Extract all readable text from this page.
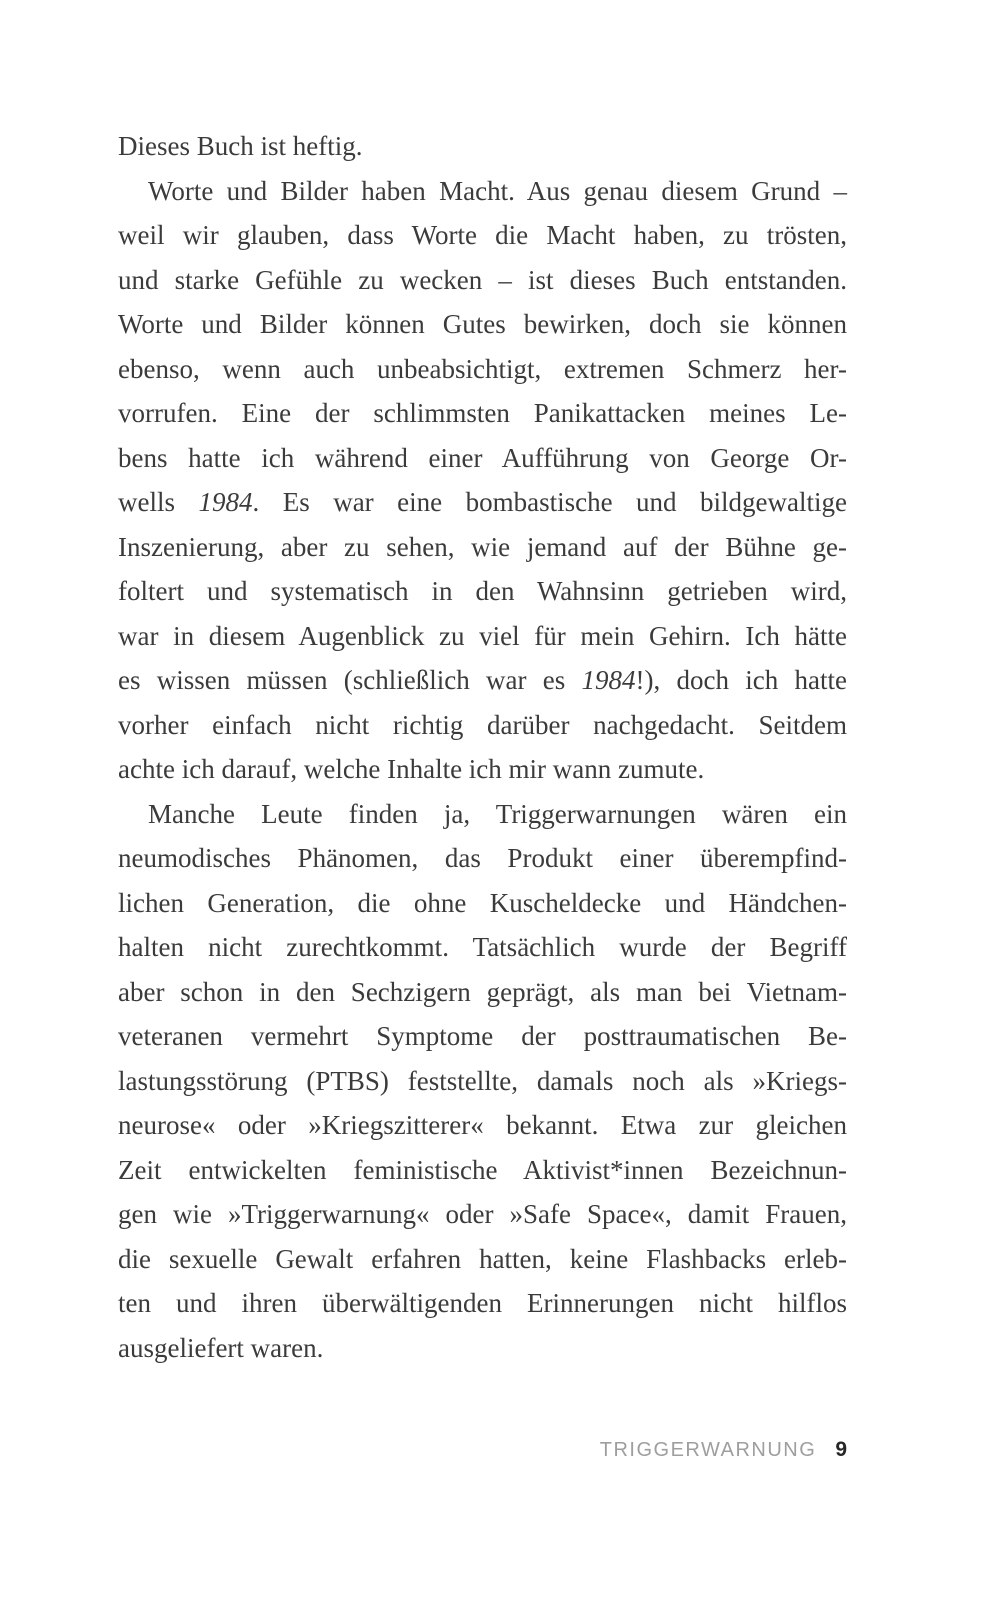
Dieses Buch ist heftig.
Worte und Bilder haben Macht. Aus genau diesem Grund –
weil wir glauben, dass Worte die Macht haben, zu trösten,
und starke Gefühle zu wecken – ist dieses Buch entstanden.
Worte und Bilder können Gutes bewirken, doch sie können
ebenso, wenn auch unbeabsichtigt, extremen Schmerz her-
vorrufen. Eine der schlimmsten Panikattacken meines Le-
bens hatte ich während einer Aufführung von George Or-
wells 1984. Es war eine bombastische und bildgewaltige
Inszenierung, aber zu sehen, wie jemand auf der Bühne ge-
foltert und systematisch in den Wahnsinn getrieben wird,
war in diesem Augenblick zu viel für mein Gehirn. Ich hätte
es wissen müssen (schließlich war es 1984!), doch ich hatte
vorher einfach nicht richtig darüber nachgedacht. Seitdem
achte ich darauf, welche Inhalte ich mir wann zumute.
Manche Leute finden ja, Triggerwarnungen wären ein
neumodisches Phänomen, das Produkt einer überempfind-
lichen Generation, die ohne Kuscheldecke und Händchen-
halten nicht zurechtkommt. Tatsächlich wurde der Begriff
aber schon in den Sechzigern geprägt, als man bei Vietnam-
veteranen vermehrt Symptome der posttraumatischen Be-
lastungsstörung (PTBS) feststellte, damals noch als »Kriegs-
neurose« oder »Kriegszitterer« bekannt. Etwa zur gleichen
Zeit entwickelten feministische Aktivist*innen Bezeichnun-
gen wie »Triggerwarnung« oder »Safe Space«, damit Frauen,
die sexuelle Gewalt erfahren hatten, keine Flashbacks erleb-
ten und ihren überwältigenden Erinnerungen nicht hilflos
ausgeliefert waren.
TRIGGERWARNUNG 9
